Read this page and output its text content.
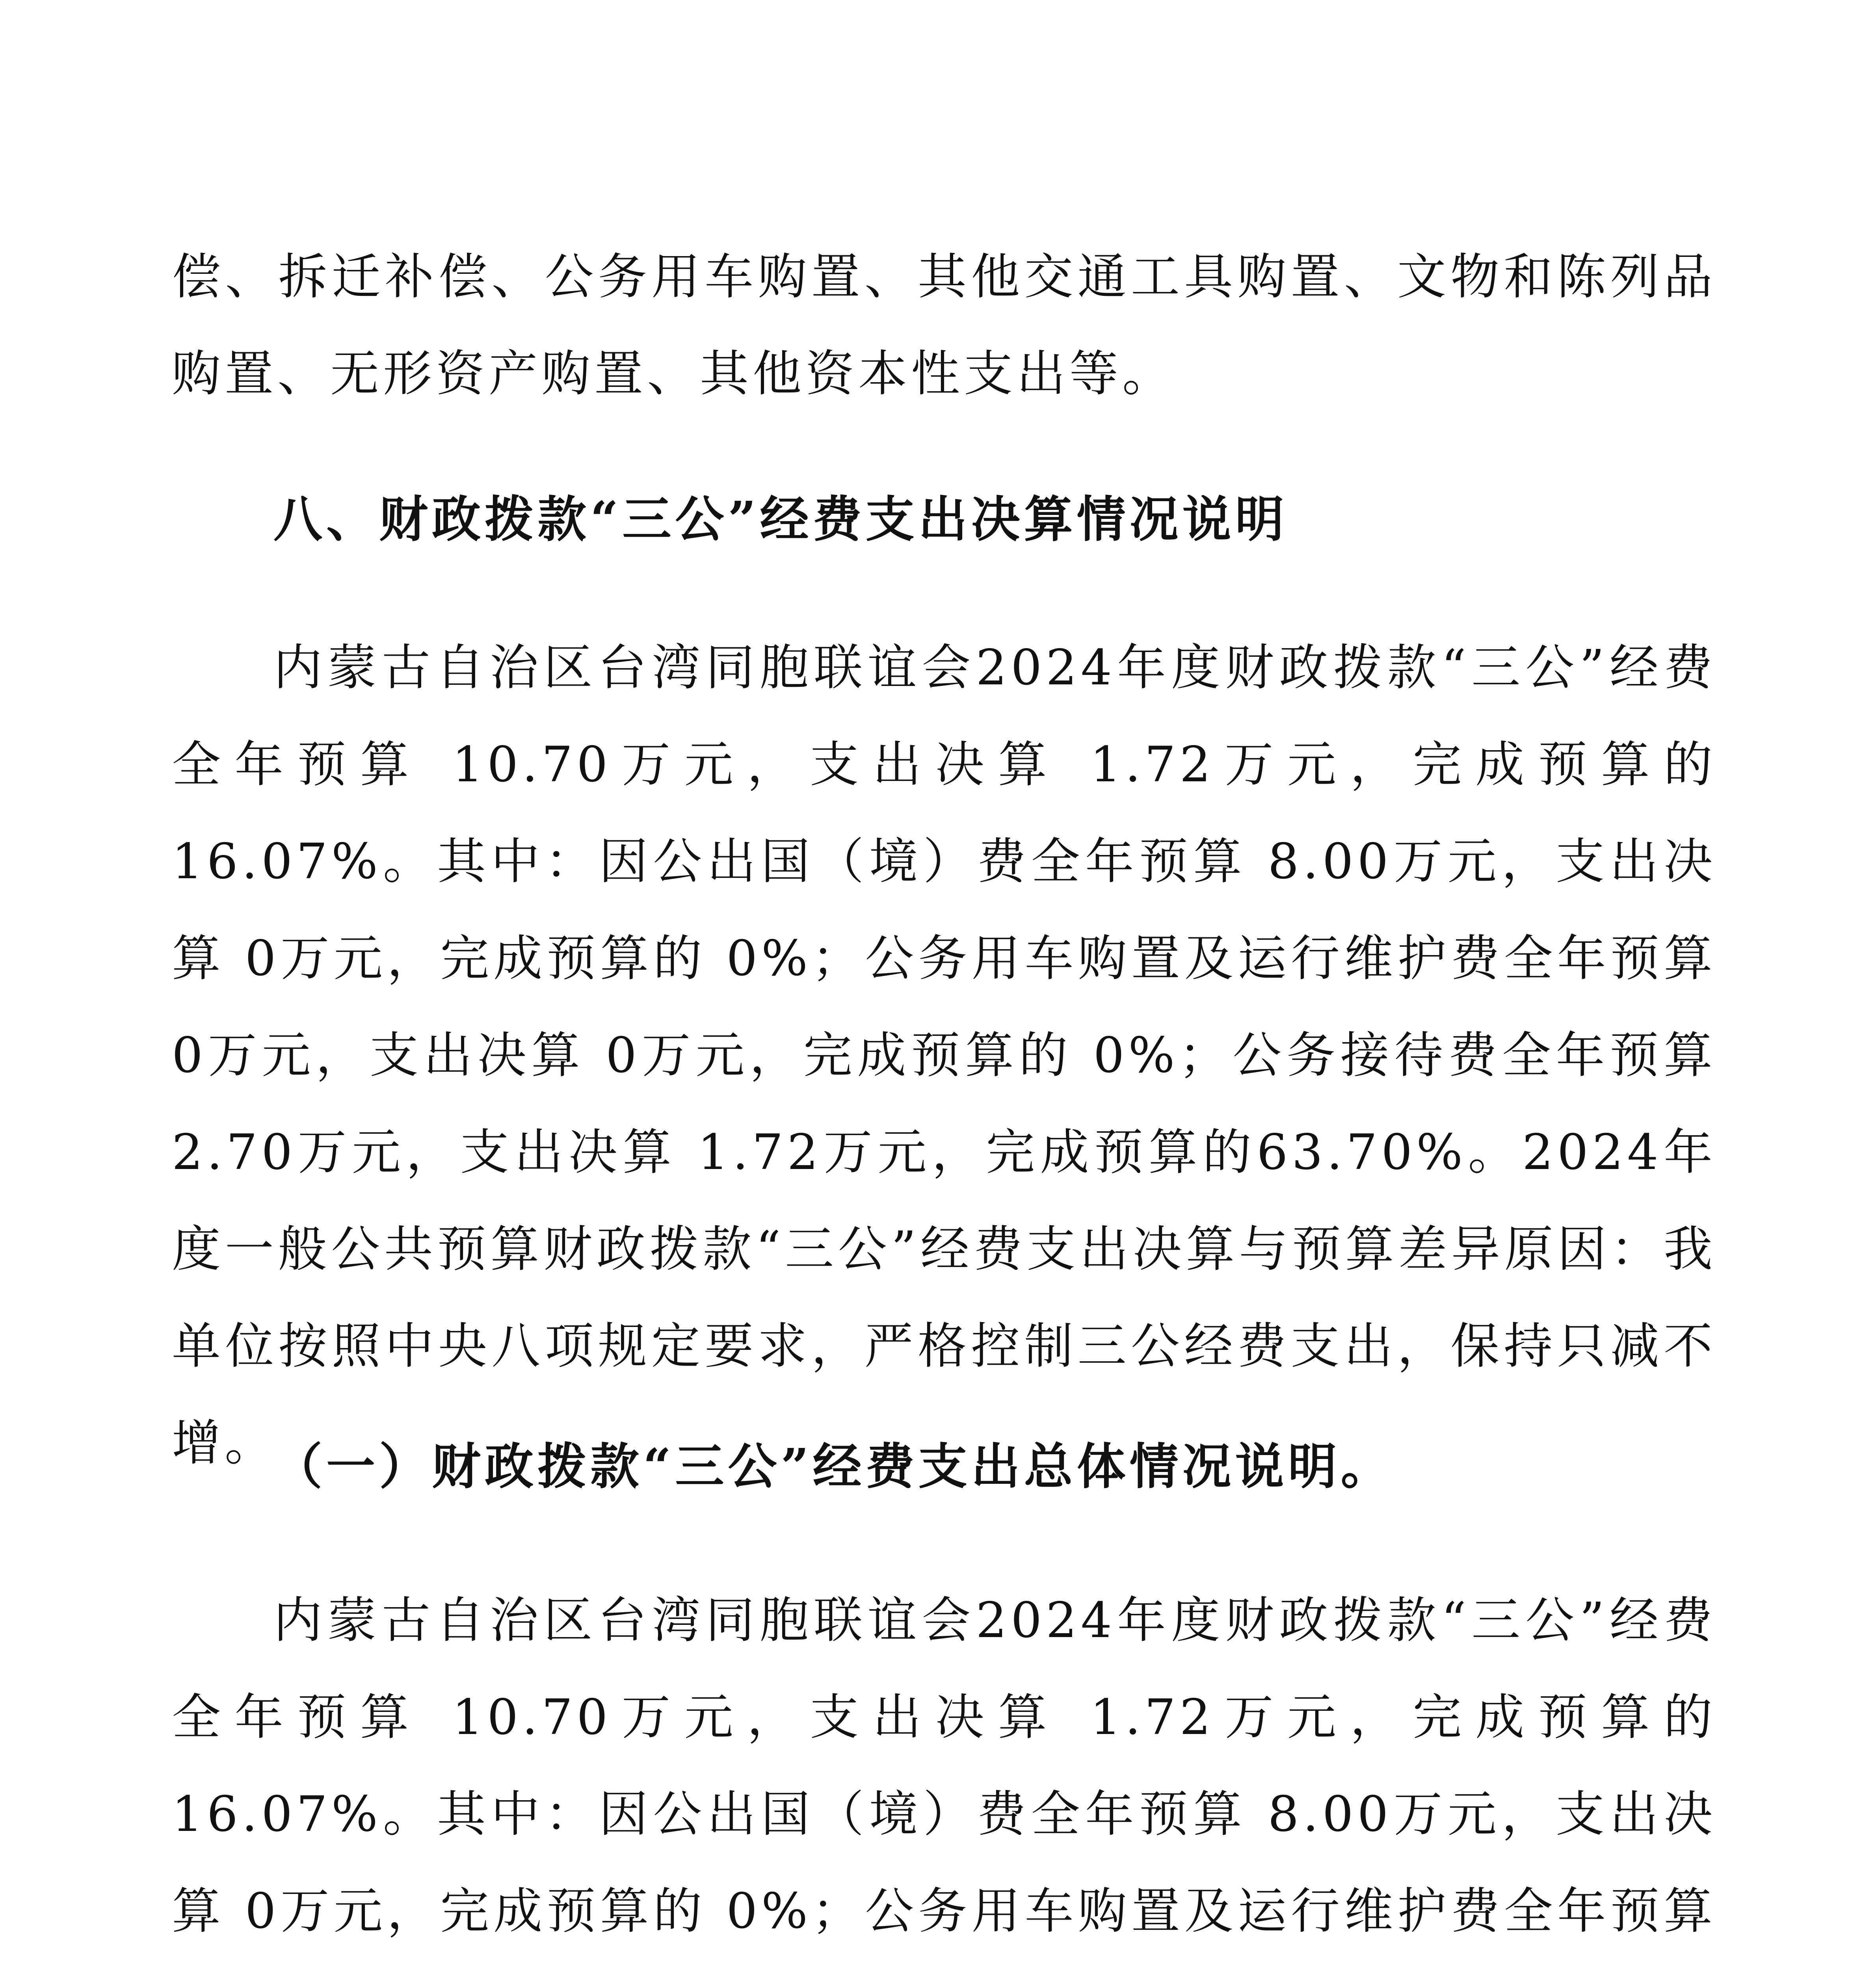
偿、拆迁补偿、公务用车购置、其他交通工具购置、文物和陈列品购置、无形资产购置、其他资本性支出等。

八、财政拨款“三公”经费支出决算情况说明

内蒙古自治区台湾同胞联谊会2024年度财政拨款“三公”经费全年预算 10.70万元，支出决算 1.72万元，完成预算的 16.07%。其中：因公出国（境）费全年预算 8.00万元，支出决算 0万元，完成预算的 0%；公务用车购置及运行维护费全年预算 0万元，支出决算 0万元，完成预算的 0%；公务接待费全年预算 2.70万元，支出决算 1.72万元，完成预算的63.70%。2024年度一般公共预算财政拨款“三公”经费支出决算与预算差异原因：我单位按照中央八项规定要求，严格控制三公经费支出，保持只减不增。

（一）财政拨款“三公”经费支出总体情况说明。

内蒙古自治区台湾同胞联谊会2024年度财政拨款“三公”经费全年预算 10.70万元，支出决算 1.72万元，完成预算的 16.07%。其中：因公出国（境）费全年预算 8.00万元，支出决算 0万元，完成预算的 0%；公务用车购置及运行维护费全年预算
